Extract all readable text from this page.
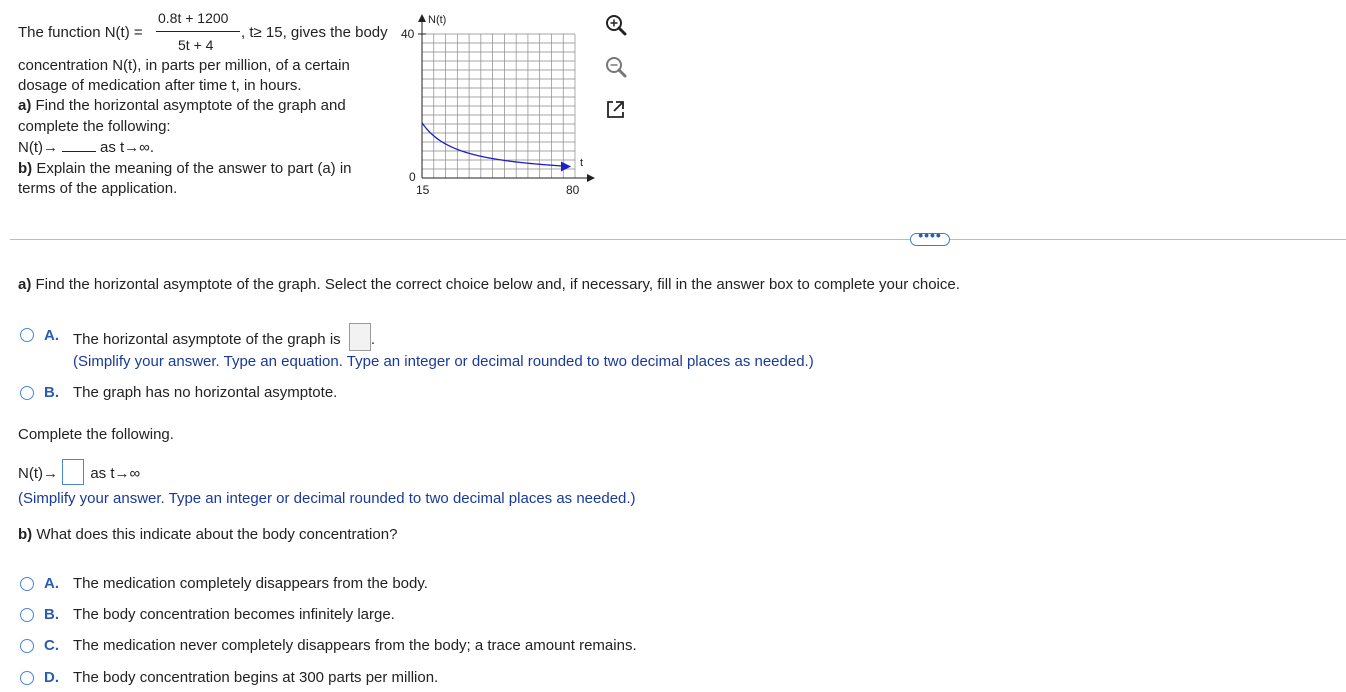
The function N(t) =
0.8t + 1200
5t + 4
, t≥ 15, gives the body
concentration N(t), in parts per million, of a certain
dosage of medication after time t, in hours.
a) Find the horizontal asymptote of the graph and
complete the following:
N(t)→	as t→∞.
b) Explain the meaning of the answer to part (a) in
terms of the application.
N(t)
t
40
0
15	80
••••
a) Find the horizontal asymptote of the graph. Select the correct choice below and, if necessary, fill in the answer box to complete your choice.
A. The horizontal asymptote of the graph is .
(Simplify your answer. Type an equation. Type an integer or decimal rounded to two decimal places as needed.)
B. The graph has no horizontal asymptote.
Complete the following.
N(t)→ as t→∞
(Simplify your answer. Type an integer or decimal rounded to two decimal places as needed.)
b) What does this indicate about the body concentration?
A. The medication completely disappears from the body.
B. The body concentration becomes infinitely large.
C. The medication never completely disappears from the body; a trace amount remains.
D. The body concentration begins at 300 parts per million.
